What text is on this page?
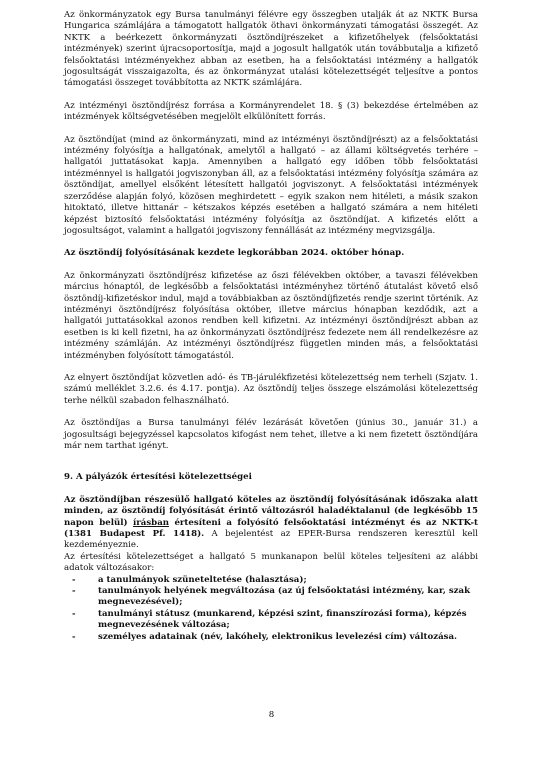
Az önkormányzatok egy Bursa tanulmányi félévre egy összegben utalják át az NKTK Bursa Hungarica számlájára a támogatott hallgatók öthavi önkormányzati támogatási összegét. Az NKTK a beérkezett önkormányzati ösztöndíjrészeket a kifizetőhelyek (felsőoktatási intézmények) szerint újracsoportosítja, majd a jogosult hallgatók után továbbutalja a kifizető felsőoktatási intézményekhez abban az esetben, ha a felsőoktatási intézmény a hallgatók jogosultságát visszaigazolta, és az önkormányzat utalási kötelezettségét teljesítve a pontos támogatási összeget továbbította az NKTK számlájára.

Az intézményi ösztöndíjrész forrása a Kormányrendelet 18. § (3) bekezdése értelmében az intézmények költségvetésében megjelölt elkülönített forrás.

Az ösztöndíjat (mind az önkormányzati, mind az intézményi ösztöndíjrészt) az a felsőoktatási intézmény folyósítja a hallgatónak, amelytől a hallgató – az állami költségvetés terhére – hallgatói juttatásokat kapja. Amennyiben a hallgató egy időben több felsőoktatási intézménnyel is hallgatói jogviszonyban áll, az a felsőoktatási intézmény folyósítja számára az ösztöndíjat, amellyel elsőként létesített hallgatói jogviszonyt. A felsőoktatási intézmények szerződése alapján folyó, közösen meghirdetett – egyik szakon nem hitéleti, a másik szakon hitoktató, illetve hittanár – kétszakos képzés esetében a hallgató számára a nem hitéleti képzést biztosító felsőoktatási intézmény folyósítja az ösztöndíjat. A kifizetés előtt a jogosultságot, valamint a hallgatói jogviszony fennállását az intézmény megvizsgálja.

Az ösztöndíj folyósításának kezdete legkorábban 2024. október hónap.

Az önkormányzati ösztöndíjrész kifizetése az őszi félévekben október, a tavaszi félévekben március hónaptól, de legkésőbb a felsőoktatási intézményhez történő átutalást követő első ösztöndíj-kifizetéskor indul, majd a továbbiakban az ösztöndíjfizetés rendje szerint történik. Az intézményi ösztöndíjrész folyósítása október, illetve március hónapban kezdődik, azt a hallgatói juttatásokkal azonos rendben kell kifizetni. Az intézményi ösztöndíjrészt abban az esetben is ki kell fizetni, ha az önkormányzati ösztöndíjrész fedezete nem áll rendelkezésre az intézmény számláján. Az intézményi ösztöndíjrész független minden más, a felsőoktatási intézményben folyósított támogatástól.

Az elnyert ösztöndíjat közvetlen adó- és TB-járulékfizetési kötelezettség nem terheli (Szjatv. 1. számú melléklet 3.2.6. és 4.17. pontja). Az ösztöndíj teljes összege elszámolási kötelezettség terhe nélkül szabadon felhasználható.

Az ösztöndíjas a Bursa tanulmányi félév lezárását követően (június 30., január 31.) a jogosultsági bejegyzéssel kapcsolatos kifogást nem tehet, illetve a ki nem fizetett ösztöndíjára már nem tarthat igényt.

9. A pályázók értesítési kötelezettségei

Az ösztöndíjban részesülő hallgató köteles az ösztöndíj folyósításának időszaka alatt minden, az ösztöndíj folyósítását érintő változásról haladéktalanul (de legkésőbb 15 napon belül) írásban értesíteni a folyósító felsőoktatási intézményt és az NKTK-t (1381 Budapest Pf. 1418). A bejelentést az EPER-Bursa rendszeren keresztül kell kezdeményeznie.

Az értesítési kötelezettséget a hallgató 5 munkanapon belül köteles teljesíteni az alábbi adatok változásakor:

-	a tanulmányok szüneteltetése (halasztása);
-	tanulmányok helyének megváltozása (az új felsőoktatási intézmény, kar, szak megnevezésével);
-	tanulmányi státusz (munkarend, képzési szint, finanszírozási forma), képzés megnevezésének változása;
-	személyes adatainak (név, lakóhely, elektronikus levelezési cím) változása.
8
